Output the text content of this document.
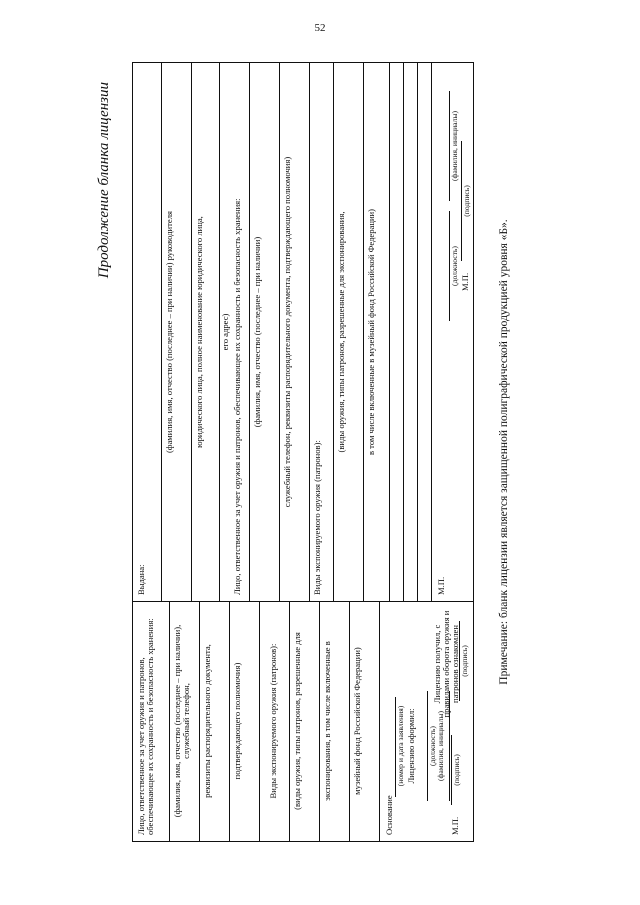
52
Продолжение бланка лицензии
Лицо, ответственное за учет оружия и патронов, обеспечивающее их сохранность и безопасность хранения: (фамилия, имя, отчество (последнее – при наличии), служебный телефон, реквизиты распорядительного документа, подтверждающего полномочия)	Виды экспонируемого оружия (патронов): (виды оружия, типы патронов, разрешенные для экспонирования, в том числе включенные в музейный фонд Российской Федерации)
Основание
(номер и дата заявления) Лицензию оформил: (должность) (фамилия, инициалы)
М.П.
(подпись)
Лицензию получил, с правилами оборота оружия и патронов ознакомлен (подпись)
Выдана:
(фамилия, имя, отчество (последнее – при наличии) руководителя юридического лица, полное наименование юридического лица, его адрес) Лицо, ответственное за учет оружия и патронов, обеспечивающее их сохранность и безопасность хранения: (фамилия, имя, отчество (последнее – при наличии) служебный телефон, реквизиты распорядительного документа, подтверждающего полномочия)
Виды экспонируемого оружия (патронов):
(виды оружия, типы патронов, разрешенные для экспонирования, в том числе включенные в музейный фонд Российской Федерации)
М.П.
(должность)
(фамилия, инициалы)
М.П.
(подпись)
Примечание: бланк лицензии является защищенной полиграфической продукцией уровня «Б».
